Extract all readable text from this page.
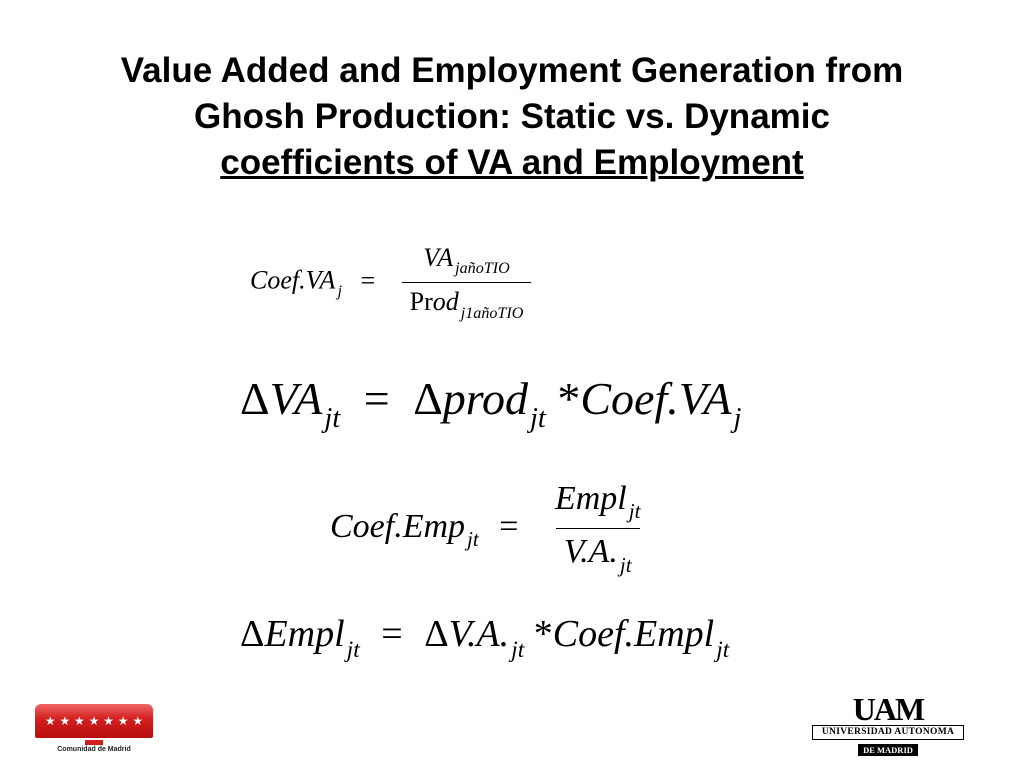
Value Added and Employment Generation from
Ghosh Production: Static vs. Dynamic
coefficients of VA and Employment
Coef.VA $_j = \frac{VA _{jañoTIO}}{Prod _{j1añoTIO}}$
$\Delta VA_{jt}$ = Δprod$_{jt}$ $*Coef.VA_j$
Coef.Emp$_{jt}$ = $\frac{Empl_{jt}}{V.A._{jt}}$
ΔEmpl$_{jt}$ = $\Delta V.A._{jt}$ *Coef.Empl$_{jt}$
★ ★ ★ ★ ★ ★ ★
Comunidad de Madrid
UAM
UNIVERSIDAD AUTONOMA
DE MADRID
